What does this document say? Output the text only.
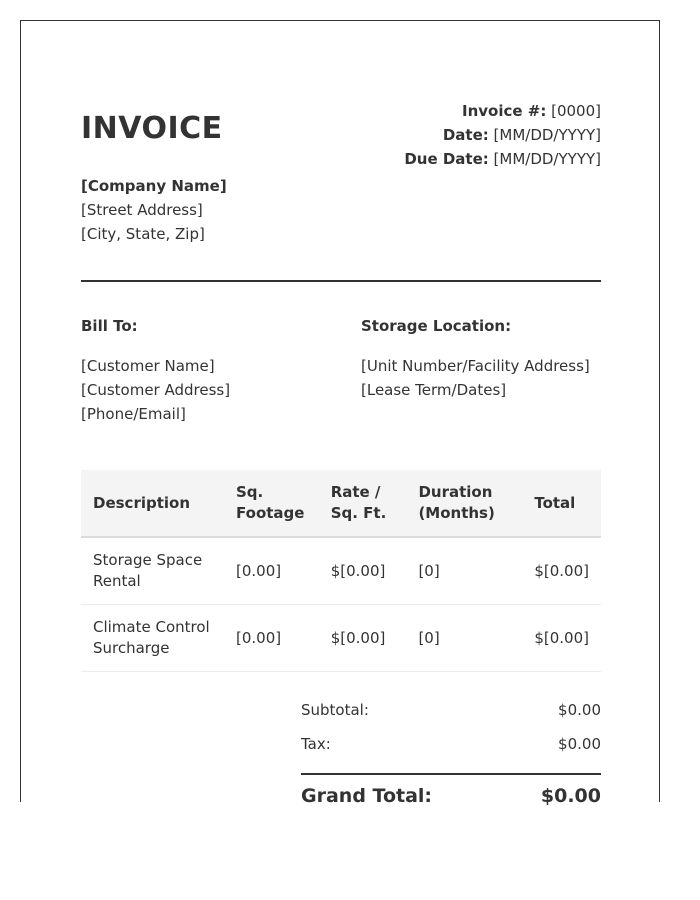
INVOICE	Invoice #: [0000]
Date: [MM/DD/YYYY]
Due Date: [MM/DD/YYYY]
[Company Name]
[Street Address]
[City, State, Zip]
Bill To:
[Customer Name]
[Customer Address]
[Phone/Email]
Storage Location:
[Unit Number/Facility Address]
[Lease Term/Dates]
Description	Sq. Footage	Rate / Sq. Ft.	Duration (Months)	Total
Storage Space Rental	[0.00]	$[0.00]	[0]	$[0.00]
Climate Control Surcharge	[0.00]	$[0.00]	[0]	$[0.00]
Subtotal:	$0.00
Tax:	$0.00
Grand Total:	$0.00
